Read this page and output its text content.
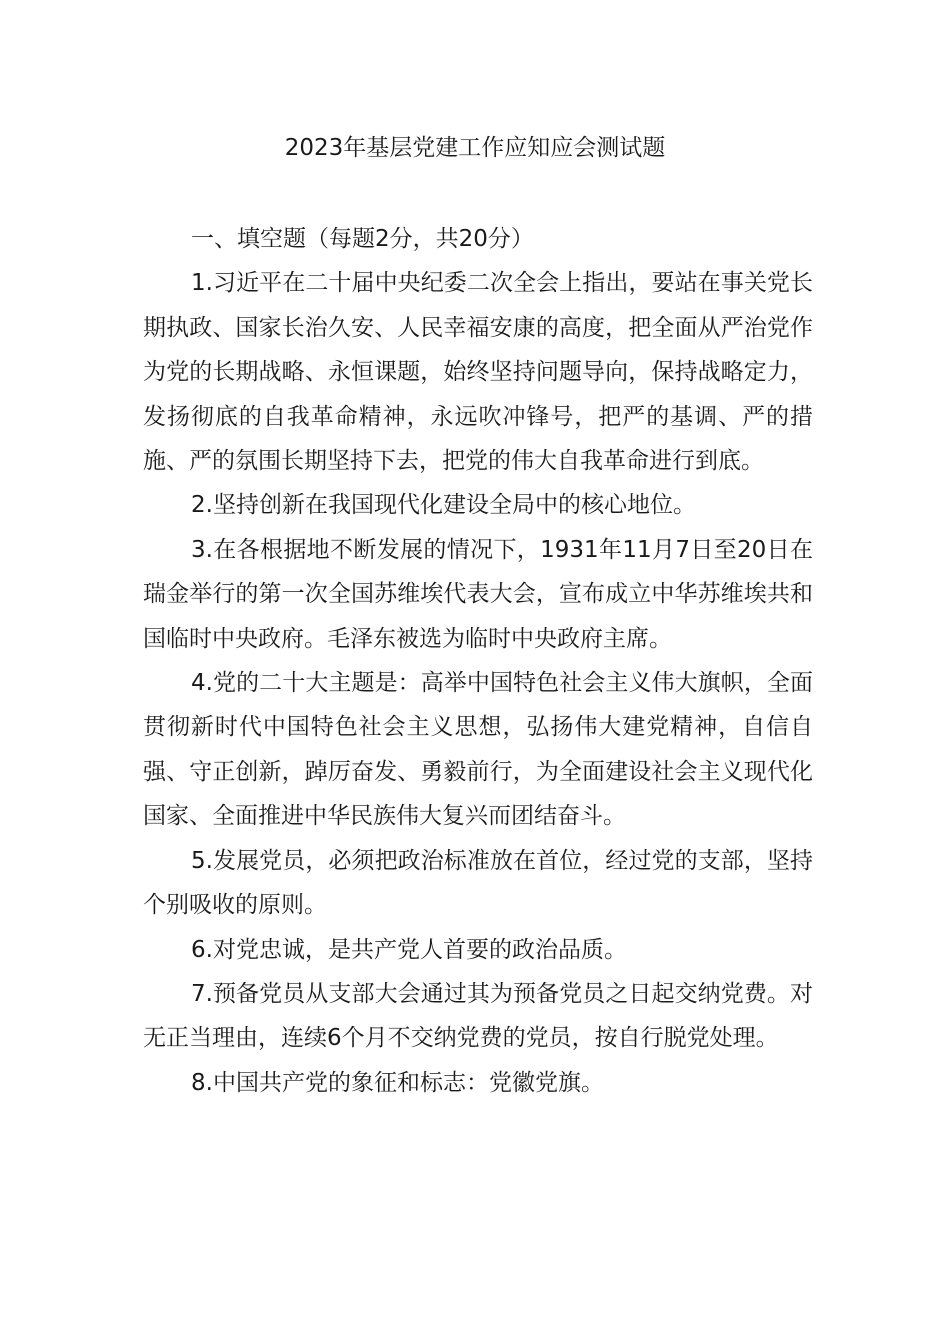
2023年基层党建工作应知应会测试题

一、填空题（每题2分，共20分）

1.习近平在二十届中央纪委二次全会上指出，要站在事关党长期执政、国家长治久安、人民幸福安康的高度，把全面从严治党作为党的长期战略、永恒课题，始终坚持问题导向，保持战略定力，发扬彻底的自我革命精神，永远吹冲锋号，把严的基调、严的措施、严的氛围长期坚持下去，把党的伟大自我革命进行到底。

2.坚持创新在我国现代化建设全局中的核心地位。

3.在各根据地不断发展的情况下，1931年11月7日至20日在瑞金举行的第一次全国苏维埃代表大会，宣布成立中华苏维埃共和国临时中央政府。毛泽东被选为临时中央政府主席。

4.党的二十大主题是：高举中国特色社会主义伟大旗帜，全面贯彻新时代中国特色社会主义思想，弘扬伟大建党精神，自信自强、守正创新，踔厉奋发、勇毅前行，为全面建设社会主义现代化国家、全面推进中华民族伟大复兴而团结奋斗。

5.发展党员，必须把政治标准放在首位，经过党的支部，坚持个别吸收的原则。

6.对党忠诚，是共产党人首要的政治品质。

7.预备党员从支部大会通过其为预备党员之日起交纳党费。对无正当理由，连续6个月不交纳党费的党员，按自行脱党处理。

8.中国共产党的象征和标志：党徽党旗。
